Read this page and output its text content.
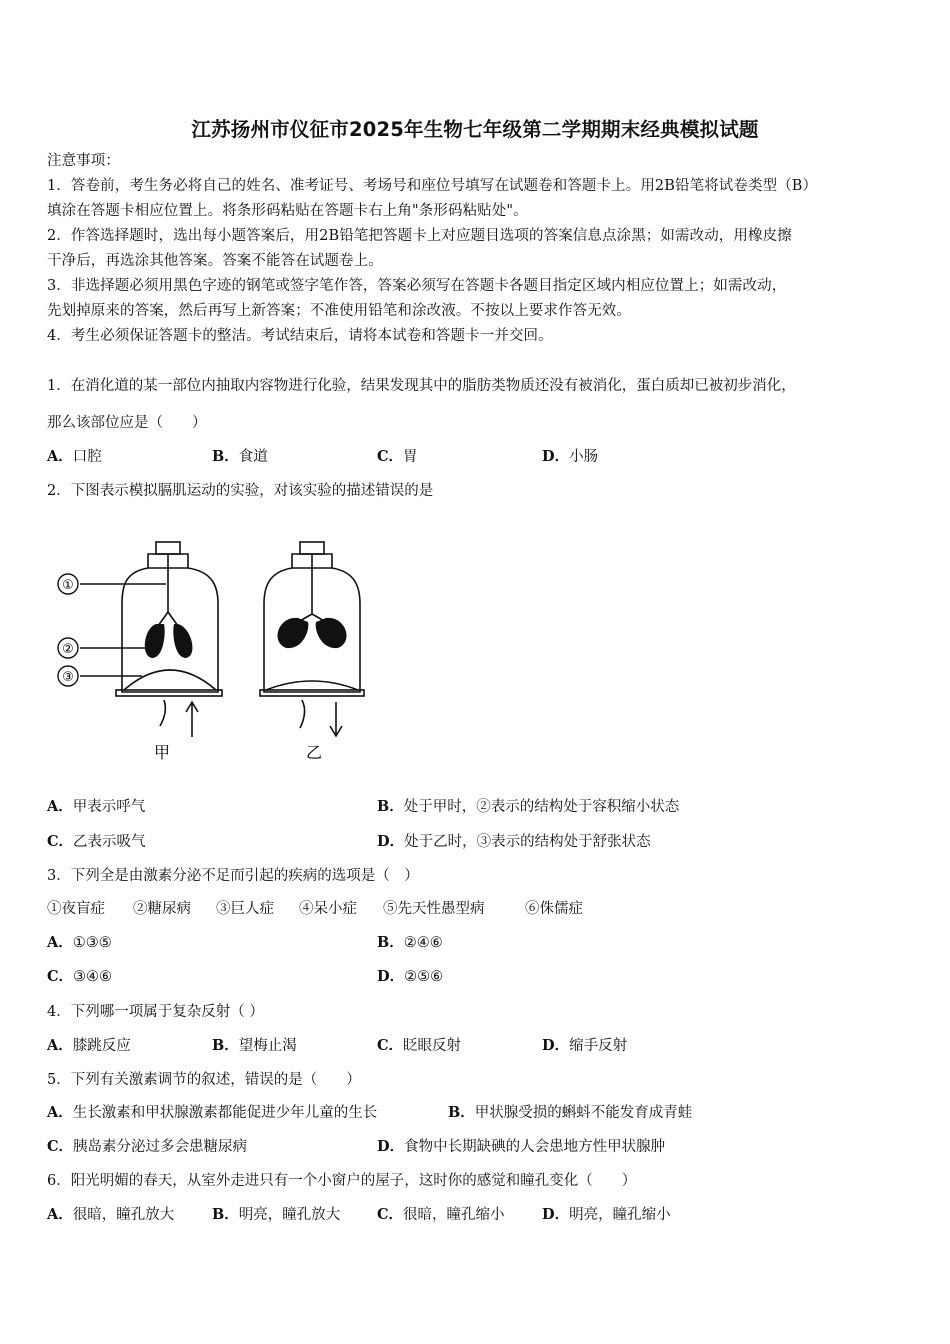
江苏扬州市仪征市2025年生物七年级第二学期期末经典模拟试题
注意事项：
1．答卷前，考生务必将自己的姓名、准考证号、考场号和座位号填写在试题卷和答题卡上。用2B铅笔将试卷类型（B）
填涂在答题卡相应位置上。将条形码粘贴在答题卡右上角"条形码粘贴处"。
2．作答选择题时，选出每小题答案后，用2B铅笔把答题卡上对应题目选项的答案信息点涂黑；如需改动，用橡皮擦
干净后，再选涂其他答案。答案不能答在试题卷上。
3．非选择题必须用黑色字迹的钢笔或签字笔作答，答案必须写在答题卡各题目指定区域内相应位置上；如需改动，
先划掉原来的答案，然后再写上新答案；不准使用铅笔和涂改液。不按以上要求作答无效。
4．考生必须保证答题卡的整洁。考试结束后，请将本试卷和答题卡一并交回。
1．在消化道的某一部位内抽取内容物进行化验，结果发现其中的脂肪类物质还没有被消化，蛋白质却已被初步消化，
那么该部位应是（　　）
A．口腔	B．食道	C．胃	D．小肠
2．下图表示模拟膈肌运动的实验，对该实验的描述错误的是
①
②
③
甲	乙
A．甲表示呼气	B．处于甲时，②表示的结构处于容积缩小状态
C．乙表示吸气	D．处于乙时，③表示的结构处于舒张状态
3．下列全是由激素分泌不足而引起的疾病的选项是（　）
①夜盲症 ②糖尿病 ③巨人症 ④呆小症 ⑤先天性愚型病	⑥侏儒症
A．①③⑤	B．②④⑥
C．③④⑥	D．②⑤⑥
4．下列哪一项属于复杂反射（ ）
A．膝跳反应	B．望梅止渴	C．眨眼反射	D．缩手反射
5．下列有关激素调节的叙述，错误的是（　　）
A．生长激素和甲状腺激素都能促进少年儿童的生长	B．甲状腺受损的蝌蚪不能发育成青蛙
C．胰岛素分泌过多会患糖尿病	D．食物中长期缺碘的人会患地方性甲状腺肿
6．阳光明媚的春天，从室外走进只有一个小窗户的屋子，这时你的感觉和瞳孔变化（　　）
A．很暗，瞳孔放大	B．明亮，瞳孔放大	C．很暗，瞳孔缩小	D．明亮，瞳孔缩小
